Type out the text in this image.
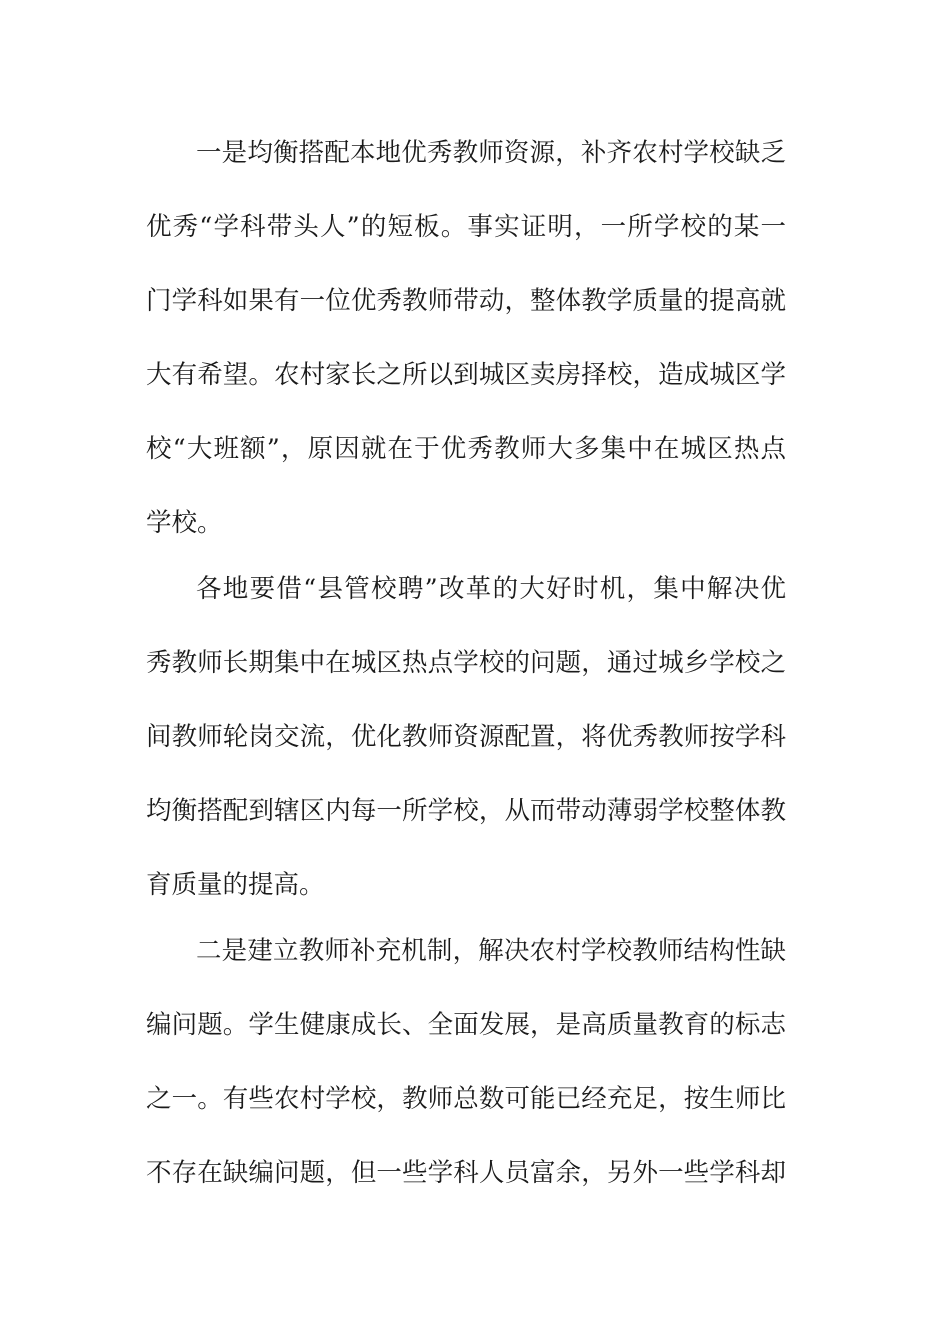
一是均衡搭配本地优秀教师资源，补齐农村学校缺乏
优秀“学科带头人”的短板。事实证明，一所学校的某一
门学科如果有一位优秀教师带动，整体教学质量的提高就
大有希望。农村家长之所以到城区卖房择校，造成城区学
校“大班额”，原因就在于优秀教师大多集中在城区热点
学校。
各地要借“县管校聘”改革的大好时机，集中解决优
秀教师长期集中在城区热点学校的问题，通过城乡学校之
间教师轮岗交流，优化教师资源配置，将优秀教师按学科
均衡搭配到辖区内每一所学校，从而带动薄弱学校整体教
育质量的提高。
二是建立教师补充机制，解决农村学校教师结构性缺
编问题。学生健康成长、全面发展，是高质量教育的标志
之一。有些农村学校，教师总数可能已经充足，按生师比
不存在缺编问题，但一些学科人员富余，另外一些学科却
